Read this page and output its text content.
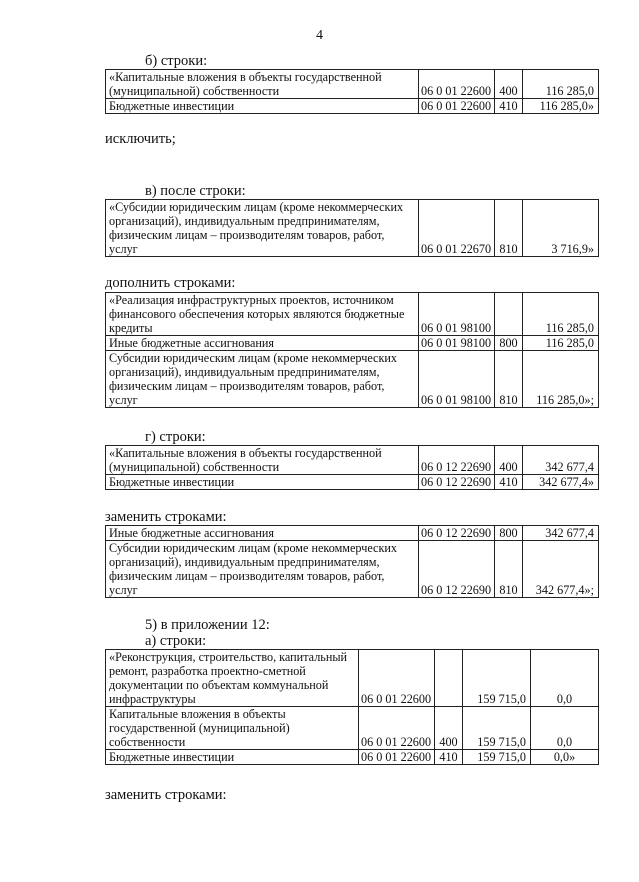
4
б) строки:
«Капитальные вложения в объекты государственной (муниципальной) собственности	06 0 01 22600	400	116 285,0
Бюджетные инвестиции	06 0 01 22600	410	116 285,0»
исключить;
в) после строки:
«Субсидии юридическим лицам (кроме некоммерческих организаций), индивидуальным предпринимателям, физическим лицам – производителям товаров, работ, услуг	06 0 01 22670	810	3 716,9»
дополнить строками:
«Реализация инфраструктурных проектов, источником финансового обеспечения которых являются бюджетные кредиты	06 0 01 98100		116 285,0
Иные бюджетные ассигнования	06 0 01 98100	800	116 285,0
Субсидии юридическим лицам (кроме некоммерческих организаций), индивидуальным предпринимателям, физическим лицам – производителям товаров, работ, услуг	06 0 01 98100	810	116 285,0»;
г) строки:
«Капитальные вложения в объекты государственной (муниципальной) собственности	06 0 12 22690	400	342 677,4
Бюджетные инвестиции	06 0 12 22690	410	342 677,4»
заменить строками:
Иные бюджетные ассигнования	06 0 12 22690	800	342 677,4
Субсидии юридическим лицам (кроме некоммерческих организаций), индивидуальным предпринимателям, физическим лицам – производителям товаров, работ, услуг	06 0 12 22690	810	342 677,4»;
5) в приложении 12:
а) строки:
«Реконструкция, строительство, капитальный ремонт, разработка проектно-сметной документации по объектам коммунальной инфраструктуры	06 0 01 22600		159 715,0	0,0
Капитальные вложения в объекты государственной (муниципальной) собственности	06 0 01 22600	400	159 715,0	0,0
Бюджетные инвестиции	06 0 01 22600	410	159 715,0	0,0»
заменить строками:
